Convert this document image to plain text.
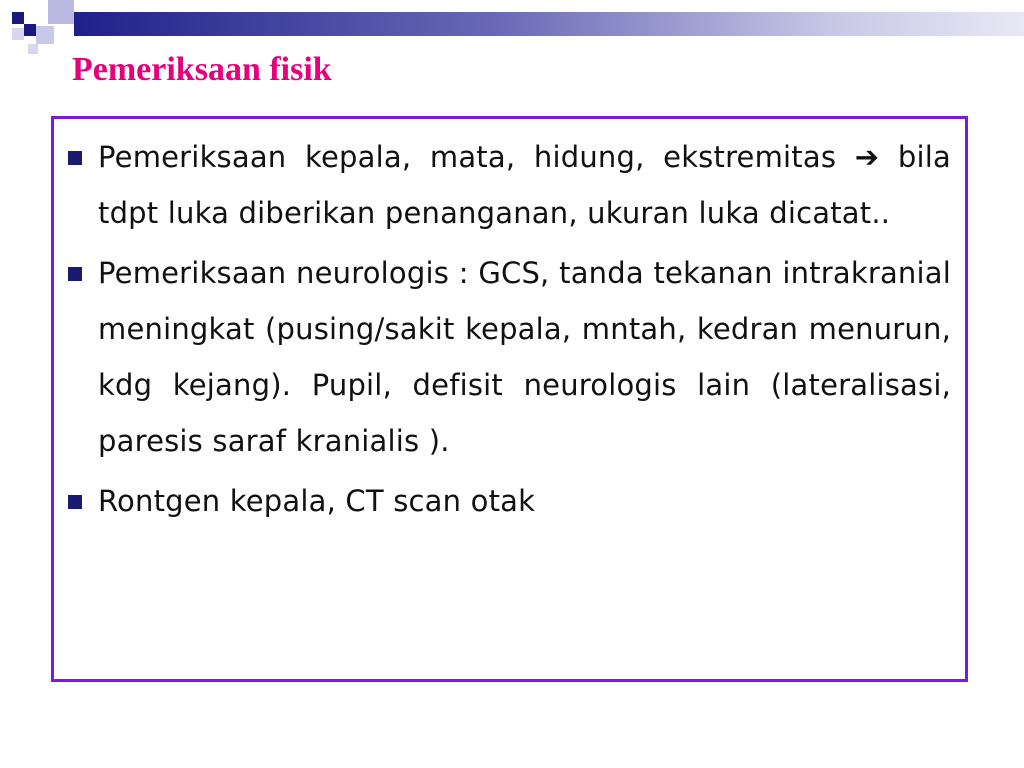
Pemeriksaan fisik
Pemeriksaan kepala, mata, hidung, ekstremitas ➔ bila tdpt luka diberikan penanganan, ukuran luka dicatat..
Pemeriksaan neurologis : GCS, tanda tekanan intrakranial meningkat (pusing/sakit kepala, mntah, kedran menurun, kdg kejang). Pupil, defisit neurologis lain (lateralisasi, paresis saraf kranialis ).
Rontgen kepala, CT scan otak
